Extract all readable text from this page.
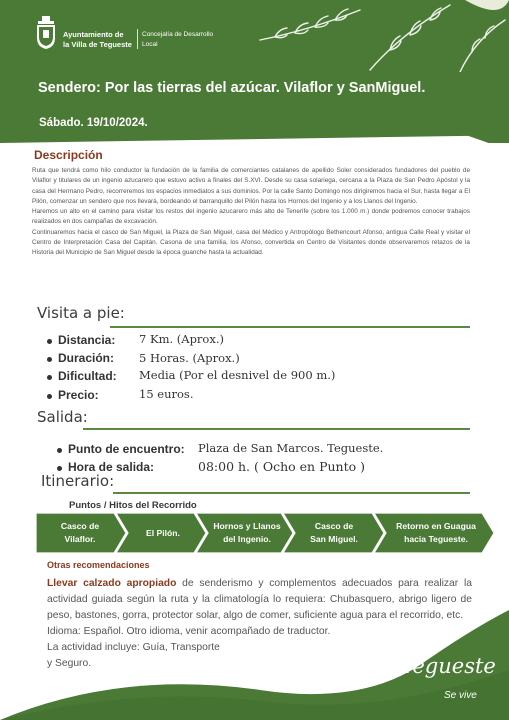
Ayuntamiento de
la Villa de Tegueste
Concejalía de Desarrollo
Local
Sendero: Por las tierras del azúcar. Vilaflor y SanMiguel.
Sábado. 19/10/2024.
Descripción

Ruta que tendrá como hilo conductor la fundación de la familia de comerciantes catalanes de apellido Soler considerados fundadores del pueblo de Vilaflor y titulares de un ingenio azucarero que estuvo activo a finales del S.XVI. Desde su casa solariega, cercana a la Plaza de San Pedro Apóstol y la casa del Hermano Pedro, recorreremos los espacios inmediatos a sus dominios. Por la calle Santo Domingo nos dirigiremos hacia el Sur, hasta llegar a El Pilón, comenzar un sendero que nos llevará, bordeando el barranquillo del Pilón hasta los Hornos del Ingenio y a los Llanos del Ingenio.

Haremos un alto en el camino para visitar los restos del ingenio azucarero más alto de Tenerife (sobre los 1.000 m.) donde podremos conocer trabajos realizados en dos campañas de excavación.

Continuaremos hacia el casco de San Miguel, la Plaza de San Miguel, casa del Médico y Antropólogo Bethencourt Afonso, antigua Calle Real y visitar el Centro de Interpretación Casa del Capitán. Casona de una familia, los Afonso, convertida en Centro de Visitantes donde observaremos retazos de la Historia del Municipio de San Miguel desde la época guanche hasta la actualidad.

Visita a pie:
Distancia: 7 Km. (Aprox.)
Duración: 5 Horas. (Aprox.)
Dificultad: Media (Por el desnivel de 900 m.)
Precio:	15 euros.
Salida:
Punto de encuentro: Plaza de San Marcos. Tegueste.
Hora de salida:	08:00 h. ( Ocho en Punto )
Itinerario:
Puntos / Hitos del Recorrido
Casco de
Vilaflor.
El Pilón.
Hornos y Llanos
del Ingenio.
Casco de
San Miguel.
Retorno en Guagua
hacia Tegueste.
Otras recomendaciones

Llevar calzado apropiado de senderismo y complementos adecuados para realizar la actividad guiada según la ruta y la climatología lo requiera: Chubasquero, abrigo ligero de peso, bastones, gorra, protector solar, algo de comer, suficiente agua para el recorrido, etc.

Idioma: Español. Otro idioma, venir acompañado de traductor.

La actividad incluye: Guía, Transporte

y Seguro.	Tegueste
Se vive
